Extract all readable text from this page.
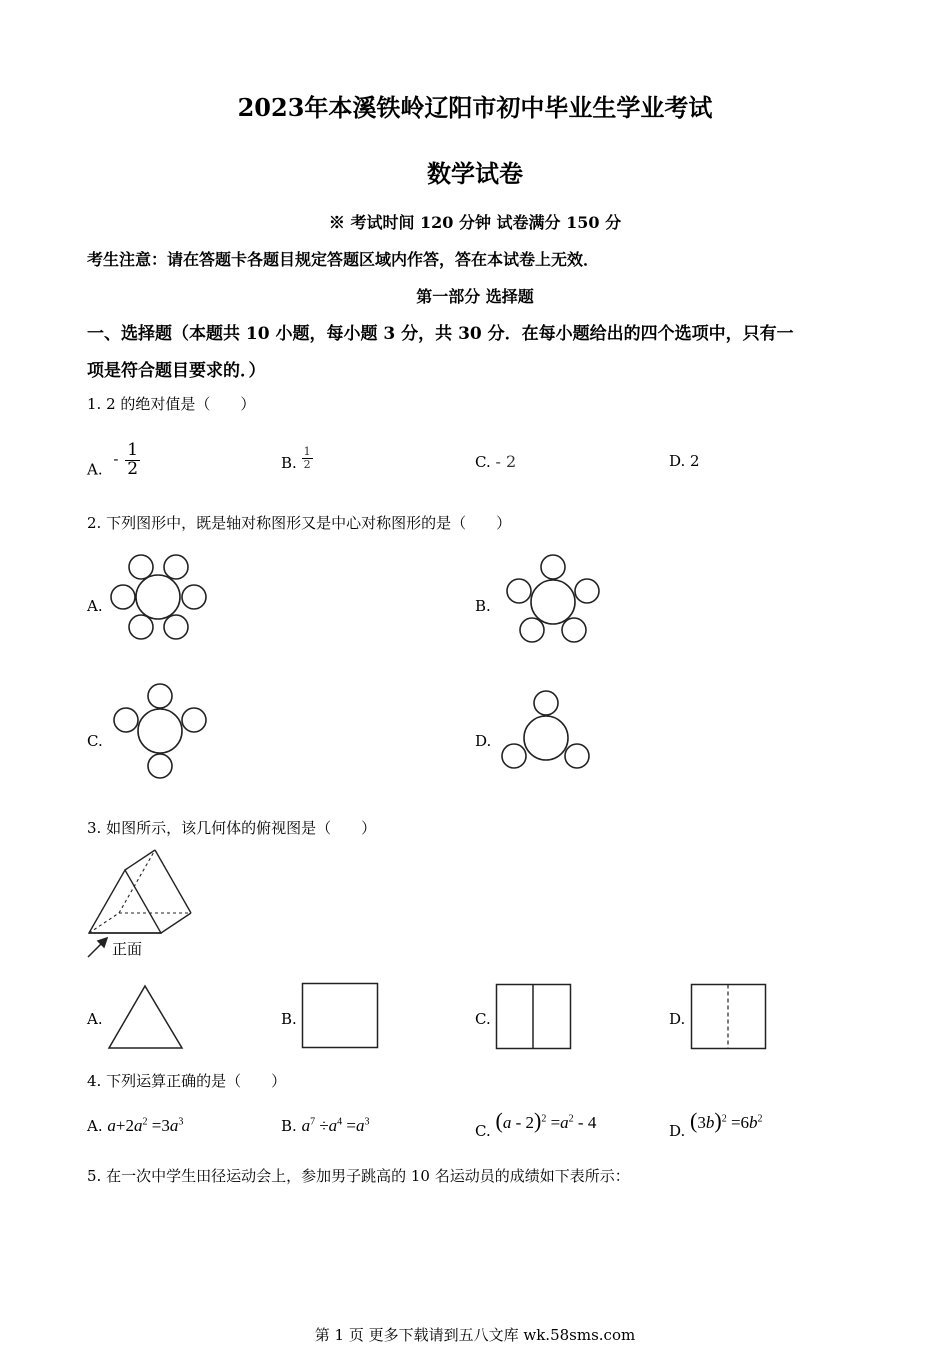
2023年本溪铁岭辽阳市初中毕业生学业考试
数学试卷
※ 考试时间 120 分钟 试卷满分 150 分
考生注意：请在答题卡各题目规定答题区域内作答，答在本试卷上无效．
第一部分 选择题
一、选择题（本题共 10 小题，每小题 3 分，共 30 分．在每小题给出的四个选项中，只有一
项是符合题目要求的．）
1. 2 的绝对值是（　　）
A. - $\frac{1}{2}$	B. $\frac{1}{2}$	C. - 2	D. 2
2. 下列图形中，既是轴对称图形又是中心对称图形的是（　　）
A.	B.
C.	D.
3. 如图所示，该几何体的俯视图是（　　）
正面
A.	B.	C.	D.
4. 下列运算正确的是（　　）
A. $a+2a^2 =3a^3$	B. $a^7 \div a^4 =a^3$
C. $(a - 2)^2 =a^2 - 4$	D. $(3b)^2 =6b^2$
5. 在一次中学生田径运动会上，参加男子跳高的 10 名运动员的成绩如下表所示：
第 1 页 更多下载请到五八文库 wk.58sms.com
